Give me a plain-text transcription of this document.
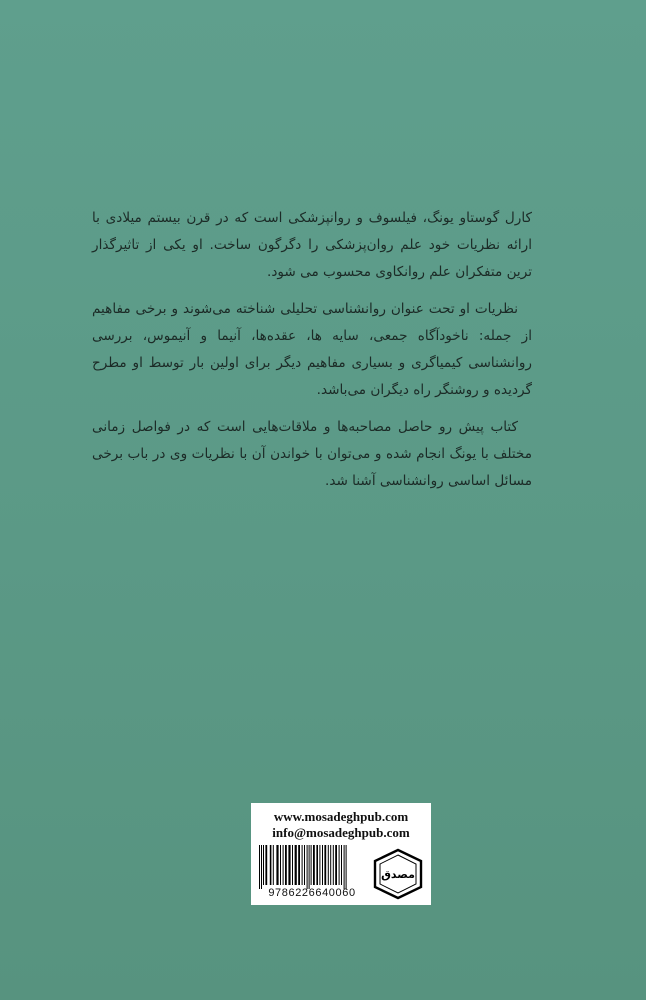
کارل گوستاو یونگ، فیلسوف و روانپزشکی است که در قرن بیستم میلادی با ارائه نظریات خود علم روان‌پزشکی را دگرگون ساخت. او یکی از تاثیرگذار ترین متفکران علم روانکاوی محسوب می شود.

نظریات او تحت عنوان روانشناسی تحلیلی شناخته می‌شوند و برخی مفاهیم از جمله: ناخودآگاه جمعی، سایه ها، عقده‌ها، آنیما و آنیموس، بررسی روانشناسی کیمیاگری و بسیاری مفاهیم دیگر برای اولین بار توسط او مطرح گردیده و روشنگر راه دیگران می‌باشد.

کتاب پیش رو حاصل مصاحبه‌ها و ملاقات‌هایی است که در فواصل زمانی مختلف با یونگ انجام شده و می‌توان با خواندن آن با نظریات وی در باب برخی مسائل اساسی روانشناسی آشنا شد.

www.mosadeghpub.com
info@mosadeghpub.com
9786226640060
مصدق
